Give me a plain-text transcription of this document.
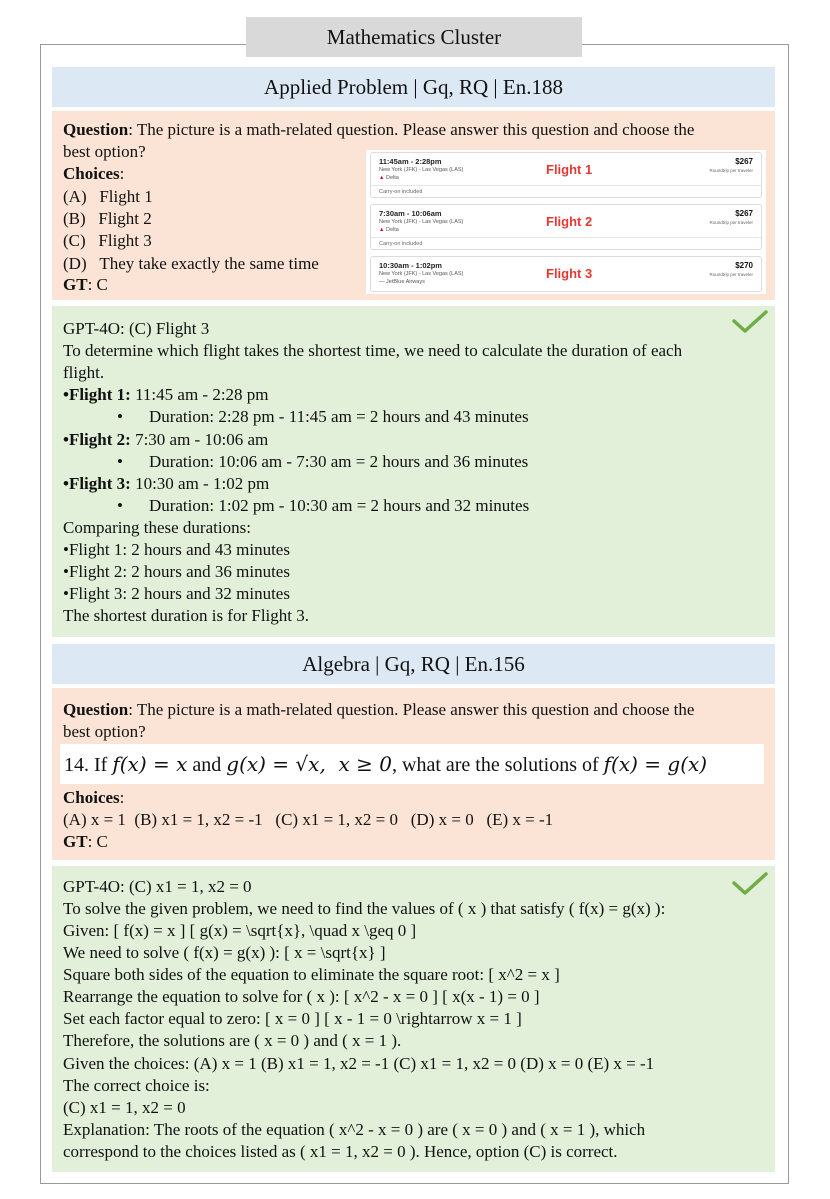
Mathematics Cluster
Applied Problem | Gq, RQ | En.188
Question: The picture is a math-related question. Please answer this question and choose the
best option?
Choices:
(A)   Flight 1
(B)   Flight 2
(C)   Flight 3
(D)   They take exactly the same time
GT: C
11:45am - 2:28pm
New York (JFK) - Las Vegas (LAS)
▲ Delta
Flight 1
$267
Roundtrip per traveler
Carry-on included
7:30am - 10:06am
New York (JFK) - Las Vegas (LAS)
▲ Delta
Flight 2
$267
Roundtrip per traveler
Carry-on included
10:30am - 1:02pm
New York (JFK) - Las Vegas (LAS)
— JetBlue Airways
Flight 3
$270
Roundtrip per traveler
GPT-4O: (C) Flight 3
To determine which flight takes the shortest time, we need to calculate the duration of each
flight.
•Flight 1: 11:45 am - 2:28 pm
• Duration: 2:28 pm - 11:45 am = 2 hours and 43 minutes
•Flight 2: 7:30 am - 10:06 am
• Duration: 10:06 am - 7:30 am = 2 hours and 36 minutes
•Flight 3: 10:30 am - 1:02 pm
• Duration: 1:02 pm - 10:30 am = 2 hours and 32 minutes
Comparing these durations:
•Flight 1: 2 hours and 43 minutes
•Flight 2: 2 hours and 36 minutes
•Flight 3: 2 hours and 32 minutes
The shortest duration is for Flight 3.
Algebra | Gq, RQ | En.156
Question: The picture is a math-related question. Please answer this question and choose the
best option?
Choices:
(A) x = 1  (B) x1 = 1, x2 = -1   (C) x1 = 1, x2 = 0   (D) x = 0   (E) x = -1
GT: C
14. If f(x) = x and g(x) = √x,  x ≥ 0, what are the solutions of f(x) = g(x)
GPT-4O: (C) x1 = 1, x2 = 0
To solve the given problem, we need to find the values of ( x ) that satisfy ( f(x) = g(x) ):
Given: [ f(x) = x ] [ g(x) = \sqrt{x}, \quad x \geq 0 ]
We need to solve ( f(x) = g(x) ): [ x = \sqrt{x} ]
Square both sides of the equation to eliminate the square root: [ x^2 = x ]
Rearrange the equation to solve for ( x ): [ x^2 - x = 0 ] [ x(x - 1) = 0 ]
Set each factor equal to zero: [ x = 0 ] [ x - 1 = 0 \rightarrow x = 1 ]
Therefore, the solutions are ( x = 0 ) and ( x = 1 ).
Given the choices: (A) x = 1 (B) x1 = 1, x2 = -1 (C) x1 = 1, x2 = 0 (D) x = 0 (E) x = -1
The correct choice is:
(C) x1 = 1, x2 = 0
Explanation: The roots of the equation ( x^2 - x = 0 ) are ( x = 0 ) and ( x = 1 ), which
correspond to the choices listed as ( x1 = 1, x2 = 0 ). Hence, option (C) is correct.
